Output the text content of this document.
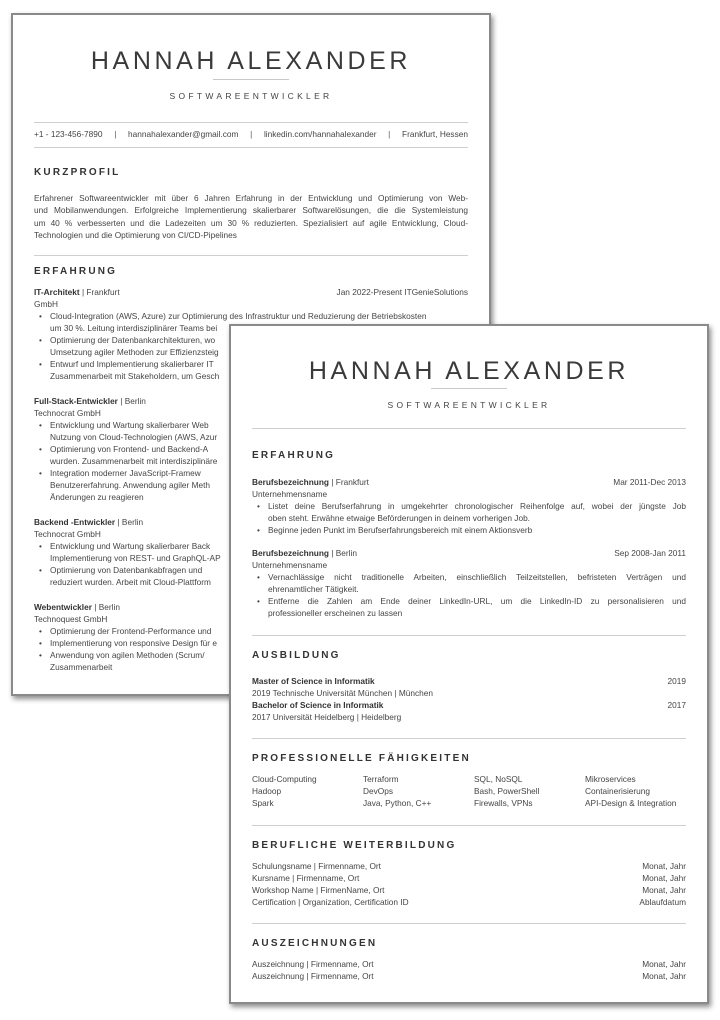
HANNAH ALEXANDER
SOFTWAREENTWICKLER
+1 - 123-456-7890 | hannahalexander@gmail.com | linkedin.com/hannahalexander | Frankfurt, Hessen
KURZPROFIL
Erfahrener Softwareentwickler mit über 6 Jahren Erfahrung in der Entwicklung und Optimierung von Web-
und Mobilanwendungen. Erfolgreiche Implementierung skalierbarer Softwarelösungen, die die Systemleistung
um 40 % verbesserten und die Ladezeiten um 30 % reduzierten. Spezialisiert auf agile Entwicklung, Cloud-
Technologien und die Optimierung von CI/CD-Pipelines
ERFAHRUNG
IT-Architekt | Frankfurt	Jan 2022-Present ITGenieSolutions
GmbH
• Cloud-Integration (AWS, Azure) zur Optimierung des Infrastruktur und Reduzierung der Betriebskosten
um 30 %. Leitung interdisziplinärer Teams bei
• Optimierung der Datenbankarchitekturen, wo
Umsetzung agiler Methoden zur Effizienzsteig
• Entwurf und Implementierung skalierbarer IT
Zusammenarbeit mit Stakeholdern, um Gesch
Full-Stack-Entwickler | Berlin
Technocrat GmbH
• Entwicklung und Wartung skalierbarer Web
Nutzung von Cloud-Technologien (AWS, Azur
• Optimierung von Frontend- und Backend-A
wurden. Zusammenarbeit mit interdisziplinäre
• Integration moderner JavaScript-Framew
Benutzererfahrung. Anwendung agiler Meth
Änderungen zu reagieren
Backend -Entwickler | Berlin
Technocrat GmbH
• Entwicklung und Wartung skalierbarer Back
Implementierung von REST- und GraphQL-AP
• Optimierung von Datenbankabfragen und
reduziert wurden. Arbeit mit Cloud-Plattform
Webentwickler | Berlin
Technoquest GmbH
• Optimierung der Frontend-Performance und
• Implementierung von responsive Design für e
• Anwendung von agilen Methoden (Scrum/
Zusammenarbeit
HANNAH ALEXANDER
SOFTWAREENTWICKLER
ERFAHRUNG
Berufsbezeichnung | Frankfurt	Mar 2011-Dec 2013
Unternehmensname
• Listet deine Berufserfahrung in umgekehrter chronologischer Reihenfolge auf, wobei der jüngste Job
oben steht. Erwähne etwaige Beförderungen in deinem vorherigen Job.
• Beginne jeden Punkt im Berufserfahrungsbereich mit einem Aktionsverb
Berufsbezeichnung | Berlin	Sep 2008-Jan 2011
Unternehmensname
• Vernachlässige nicht traditionelle Arbeiten, einschließlich Teilzeitstellen, befristeten Verträgen und
ehrenamtlicher Tätigkeit.
• Entferne die Zahlen am Ende deiner LinkedIn-URL, um die LinkedIn-ID zu personalisieren und
professioneller erscheinen zu lassen
AUSBILDUNG
Master of Science in Informatik	2019
2019 Technische Universität München | München
Bachelor of Science in Informatik	2017
2017 Universität Heidelberg | Heidelberg
PROFESSIONELLE FÄHIGKEITEN
Cloud-Computing	Terraform	SQL, NoSQL	Mikroservices
Hadoop	DevOps	Bash, PowerShell	Containerisierung
Spark	Java, Python, C++	Firewalls, VPNs	API-Design & Integration
BERUFLICHE WEITERBILDUNG
Schulungsname | Firmenname, Ort	Monat, Jahr
Kursname | Firmenname, Ort	Monat, Jahr
Workshop Name | FirmenName, Ort	Monat, Jahr
Certification | Organization, Certification ID	Ablaufdatum
AUSZEICHNUNGEN
Auszeichnung | Firmenname, Ort	Monat, Jahr
Auszeichnung | Firmenname, Ort	Monat, Jahr
